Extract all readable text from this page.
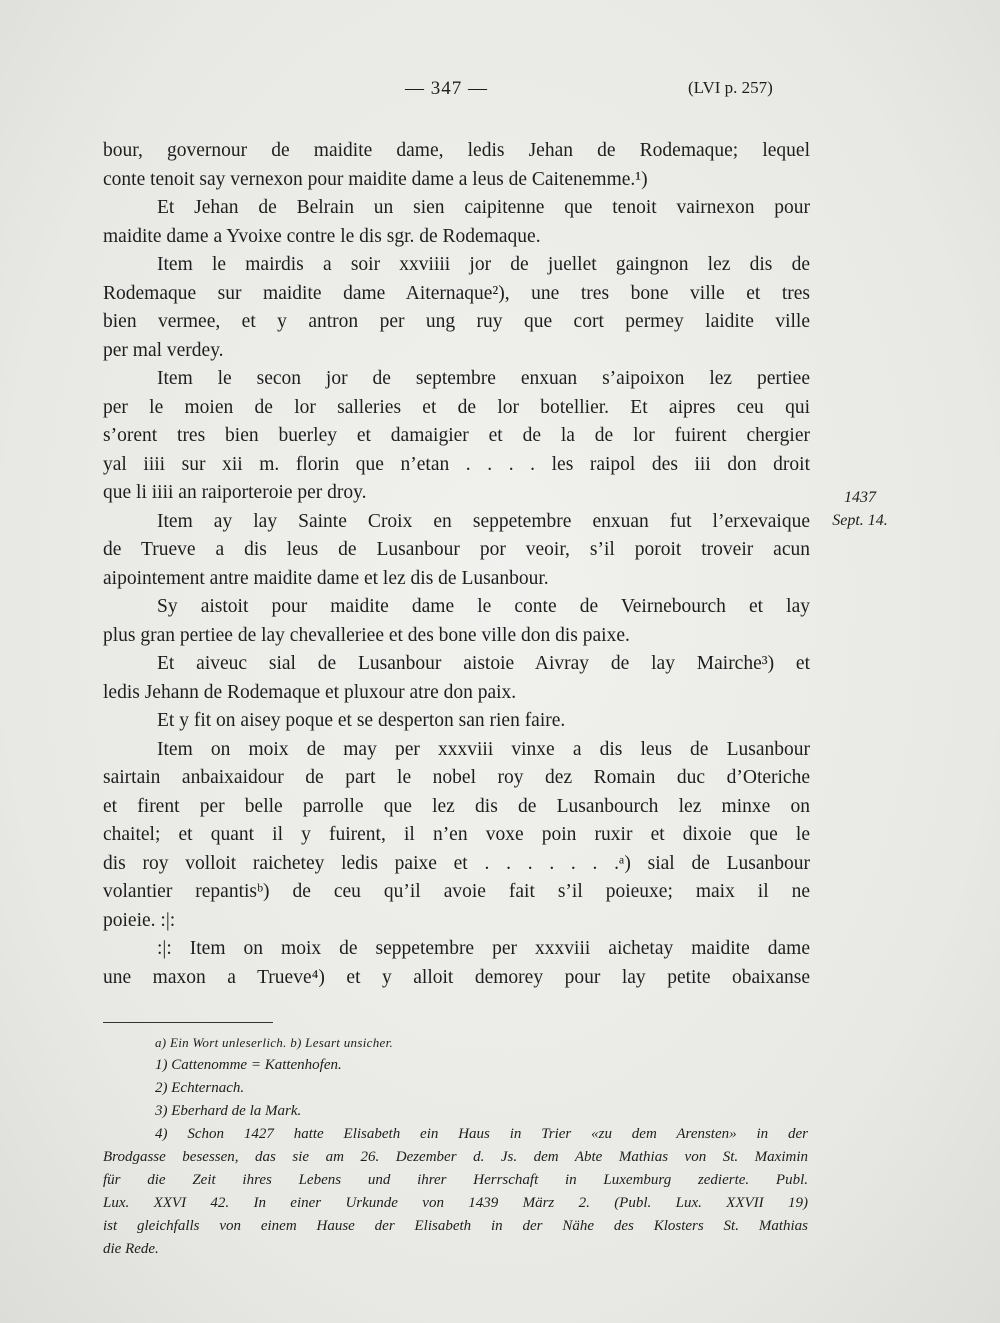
— 347 —	(LVI p. 257)
bour, governour de maidite dame, ledis Jehan de Rodemaque; lequel
conte tenoit say vernexon pour maidite dame a leus de Caitenemme.¹)
Et Jehan de Belrain un sien caipitenne que tenoit vairnexon pour
maidite dame a Yvoixe contre le dis sgr. de Rodemaque.
Item le mairdis a soir xxviiii jor de juellet gaingnon lez dis de
Rodemaque sur maidite dame Aiternaque²), une tres bone ville et tres
bien vermee, et y antron per ung ruy que cort permey laidite ville
per mal verdey.
Item le secon jor de septembre enxuan s’aipoixon lez pertiee
per le moien de lor salleries et de lor botellier. Et aipres ceu qui
s’orent tres bien buerley et damaigier et de la de lor fuirent chergier
yal iiii sur xii m. florin que n’etan . . . . les raipol des iii don droit
que li iiii an raiporteroie per droy.
Item ay lay Sainte Croix en seppetembre enxuan fut l’erxevaique
de Trueve a dis leus de Lusanbour por veoir, s’il poroit troveir acun
aipointement antre maidite dame et lez dis de Lusanbour.
Sy aistoit pour maidite dame le conte de Veirnebourch et lay
plus gran pertiee de lay chevalleriee et des bone ville don dis paixe.
Et aiveuc sial de Lusanbour aistoie Aivray de lay Mairche³) et
ledis Jehann de Rodemaque et pluxour atre don paix.
Et y fit on aisey poque et se desperton san rien faire.
Item on moix de may per xxxviii vinxe a dis leus de Lusanbour
sairtain anbaixaidour de part le nobel roy dez Romain duc d’Oteriche
et firent per belle parrolle que lez dis de Lusanbourch lez minxe on
chaitel; et quant il y fuirent, il n’en voxe poin ruxir et dixoie que le
dis roy volloit raichetey ledis paixe et . . . . . . .ᵃ) sial de Lusanbour
volantier repantisᵇ) de ceu qu’il avoie fait s’il poieuxe; maix il ne
poieie. :|:
:|: Item on moix de seppetembre per xxxviii aichetay maidite dame
une maxon a Trueve⁴) et y alloit demorey pour lay petite obaixanse
1437
Sept. 14.
a) Ein Wort unleserlich. b) Lesart unsicher.
1) Cattenomme = Kattenhofen.
2) Echternach.
3) Eberhard de la Mark.
4) Schon 1427 hatte Elisabeth ein Haus in Trier «zu dem Arensten» in der
Brodgasse besessen, das sie am 26. Dezember d. Js. dem Abte Mathias von St. Maximin
für die Zeit ihres Lebens und ihrer Herrschaft in Luxemburg zedierte. Publ.
Lux. XXVI 42. In einer Urkunde von 1439 März 2. (Publ. Lux. XXVII 19)
ist gleichfalls von einem Hause der Elisabeth in der Nähe des Klosters St. Mathias
die Rede.
